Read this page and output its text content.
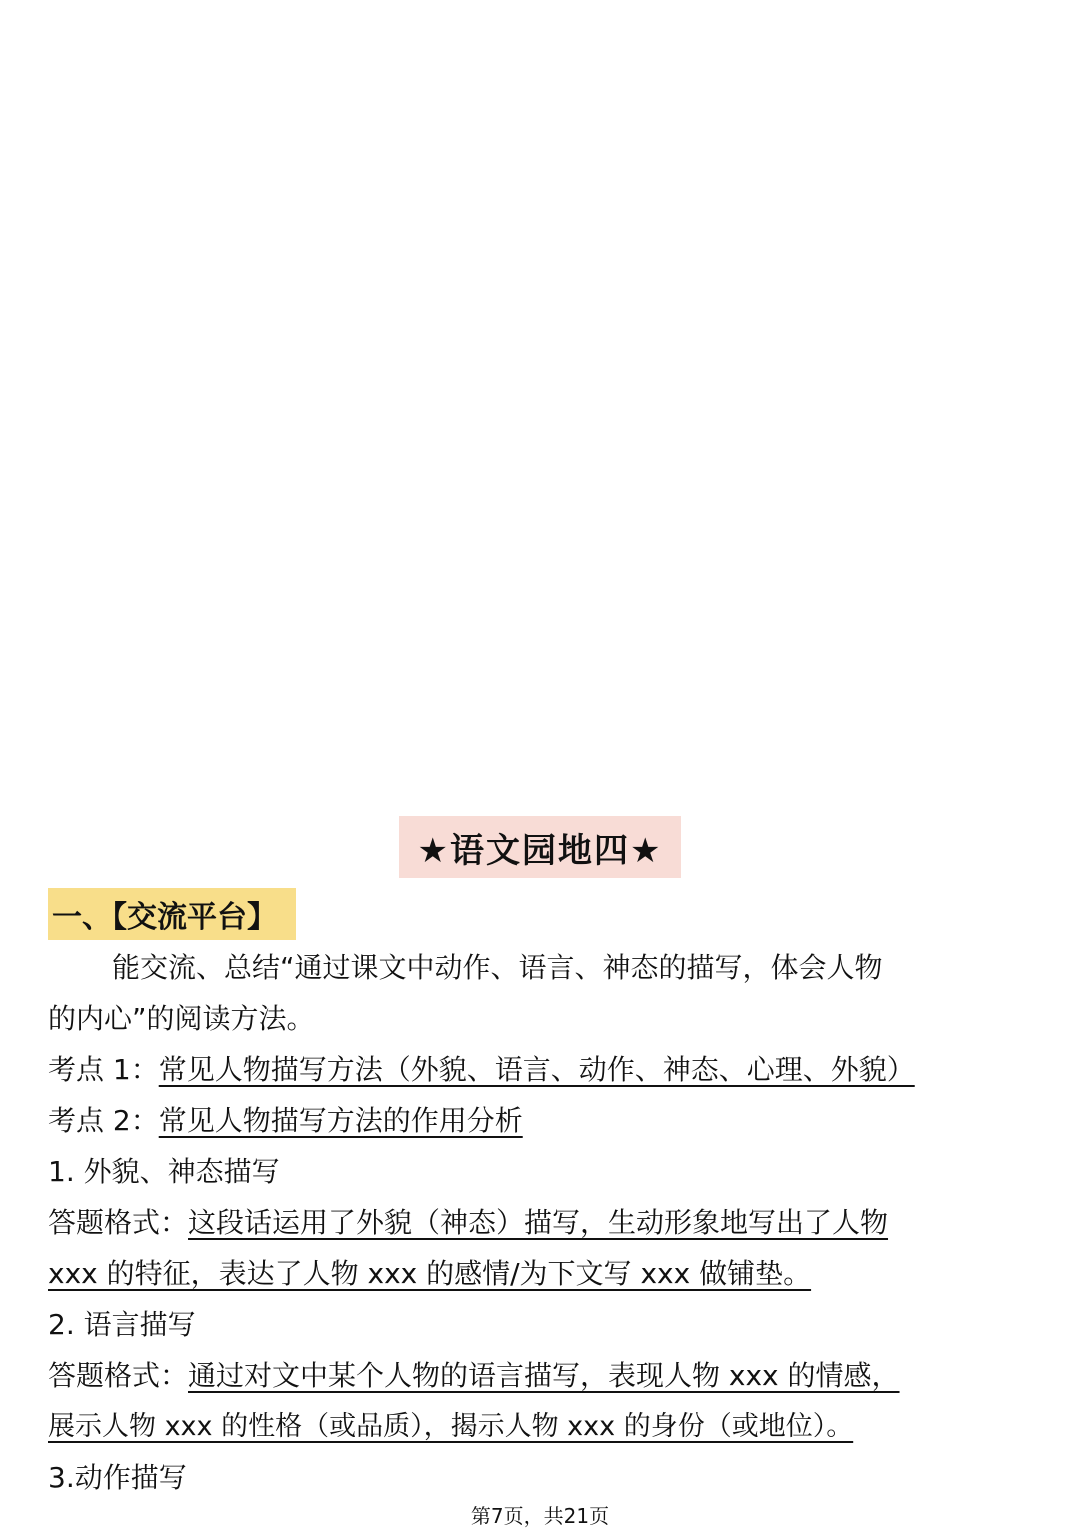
★语文园地四★
一、【交流平台】
能交流、总结“通过课文中动作、语言、神态的描写，体会人物
的内心”的阅读方法。
考点 1：常见人物描写方法（外貌、语言、动作、神态、心理、外貌）
考点 2：常见人物描写方法的作用分析
1. 外貌、神态描写
答题格式：这段话运用了外貌（神态）描写，生动形象地写出了人物
xxx 的特征，表达了人物 xxx 的感情/为下文写 xxx 做铺垫。
2. 语言描写
答题格式：通过对文中某个人物的语言描写，表现人物 xxx 的情感，
展示人物 xxx 的性格（或品质），揭示人物 xxx 的身份（或地位）。
3.动作描写
第7页，共21页
